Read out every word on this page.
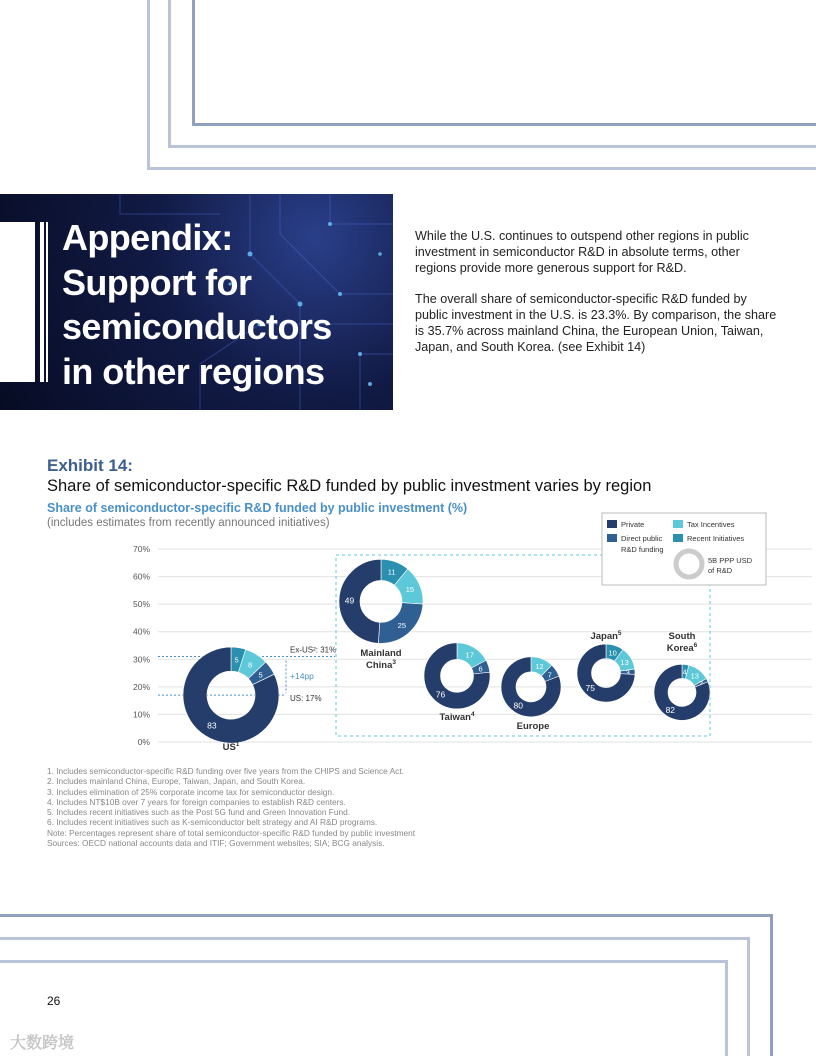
Appendix:
Support for
semiconductors
in other regions

While the U.S. continues to outspend other regions in public investment in semiconductor R&D in absolute terms, other regions provide more generous support for R&D.

The overall share of semiconductor-specific R&D funded by public investment in the U.S. is 23.3%. By comparison, the share is 35.7% across mainland China, the European Union, Taiwan, Japan, and South Korea. (see Exhibit 14)

Exhibit 14:
Share of semiconductor-specific R&D funded by public investment varies by region
Share of semiconductor-specific R&D funded by public investment (%)
(includes estimates from recently announced initiatives)
0%
10%
20%
30%
40%
50%
60%
70%
Ex-US²: 31%
US: 17%
+14pp
5
8
5
83
$US^1$
11
15
25
49
Mainland
China$^3$
17
6
76
Taiwan$^4$
12
7
80
Europe
10
13
3
75
Japan$^5$
4 13
2
82
South
Korea$^6$
Private
Direct public
R&D funding
Tax Incentives
Recent Initiatives
5B PPP USD
of R&D
1. Includes semiconductor-specific R&D funding over five years from the CHIPS and Science Act.
2. Includes mainland China, Europe, Taiwan, Japan, and South Korea.
3. Includes elimination of 25% corporate income tax for semiconductor design.
4. Includes NT$10B over 7 years for foreign companies to establish R&D centers.
5. Includes recent initiatives such as the Post 5G fund and Green Innovation Fund.
6. Includes recent initiatives such as K-semiconductor belt strategy and AI R&D programs.
Note: Percentages represent share of total semiconductor-specific R&D funded by public investment
Sources: OECD national accounts data and ITIF; Government websites; SIA; BCG analysis.
26
大数跨境
